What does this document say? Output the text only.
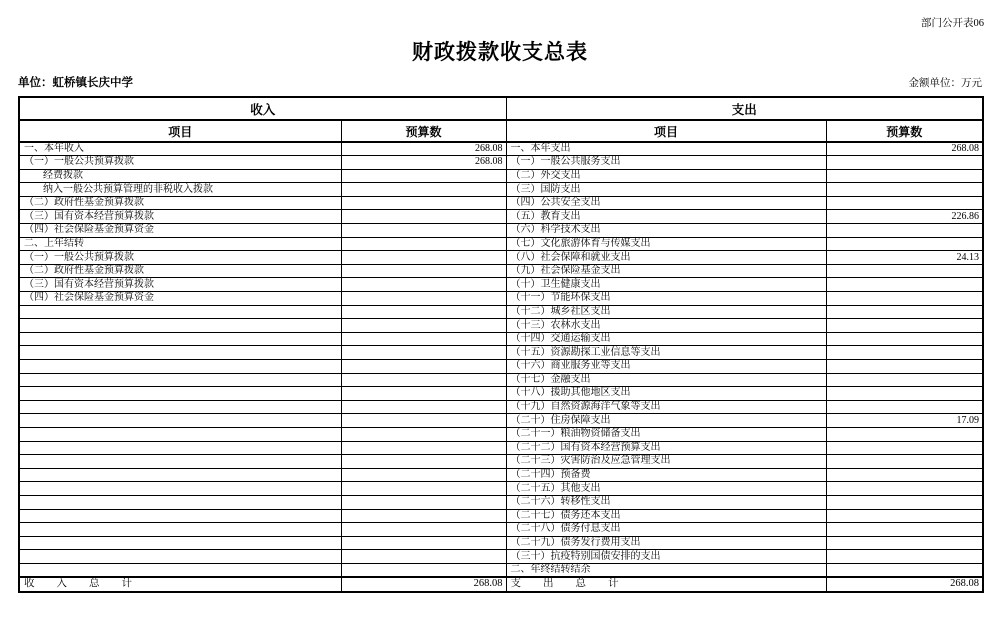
部门公开表06
财政拨款收支总表
单位：虹桥镇长庆中学	金额单位：万元
收入		支出	
项目	预算数	项目	预算数
一、本年收入	268.08	一、本年支出	268.08
（一）一般公共预算拨款	268.08	（一）一般公共服务支出	
经费拨款		（二）外交支出	
纳入一般公共预算管理的非税收入拨款		（三）国防支出	
（二）政府性基金预算拨款		（四）公共安全支出	
（三）国有资本经营预算拨款		（五）教育支出	226.86
（四）社会保险基金预算资金		（六）科学技术支出	
二、上年结转		（七）文化旅游体育与传媒支出	
（一）一般公共预算拨款		（八）社会保障和就业支出	24.13
（二）政府性基金预算拨款		（九）社会保险基金支出	
（三）国有资本经营预算拨款		（十）卫生健康支出	
（四）社会保险基金预算资金		（十一）节能环保支出	
		（十二）城乡社区支出	
		（十三）农林水支出	
		（十四）交通运输支出	
		（十五）资源勘探工业信息等支出	
		（十六）商业服务业等支出	
		（十七）金融支出	
		（十八）援助其他地区支出	
		（十九）自然资源海洋气象等支出	
		（二十）住房保障支出	17.09
		（二十一）粮油物资储备支出	
		（二十二）国有资本经营预算支出	
		（二十三）灾害防治及应急管理支出	
		（二十四）预备费	
		（二十五）其他支出	
		（二十六）转移性支出	
		（二十七）债务还本支出	
		（二十八）债务付息支出	
		（二十九）债务发行费用支出	
		（三十）抗疫特别国债安排的支出	
		二、年终结转结余	
收入总计	268.08	支出总计	268.08
